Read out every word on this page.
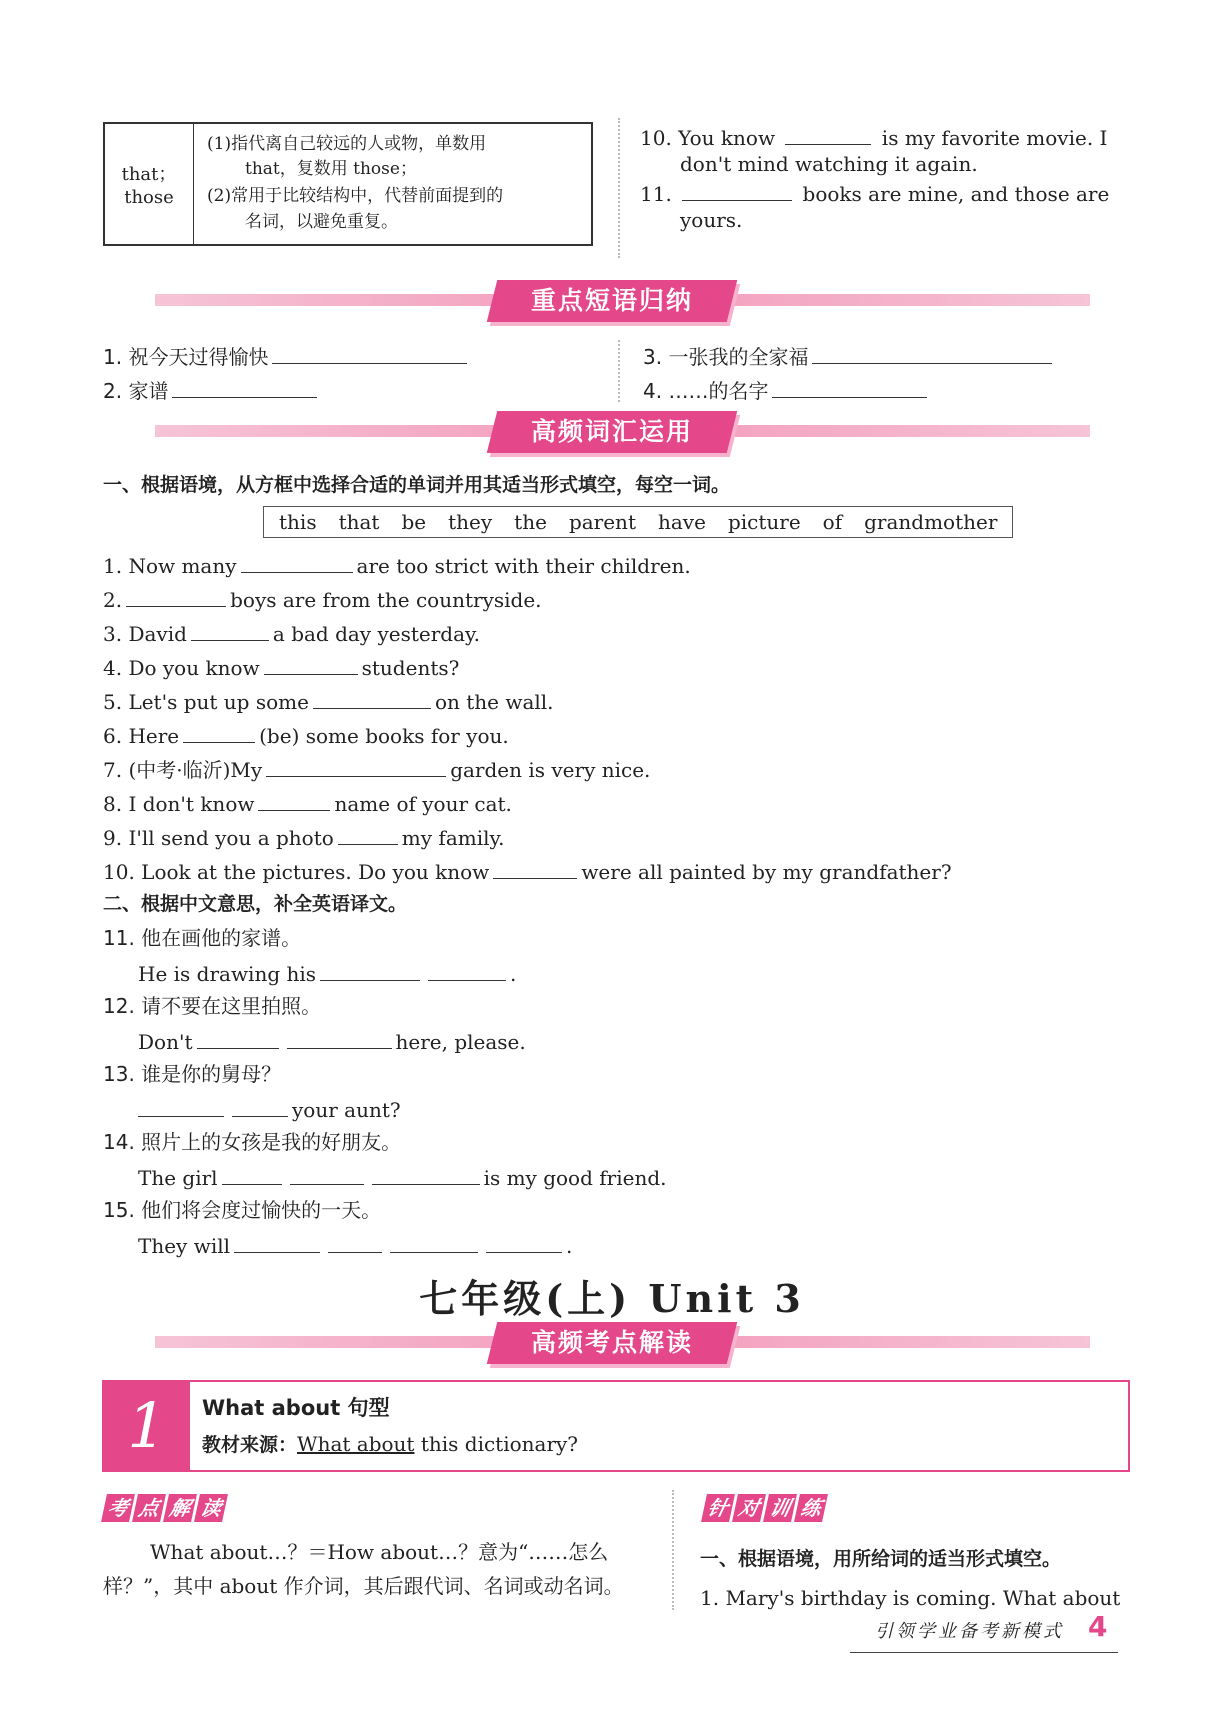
that；
those
(1)指代离自己较远的人或物，单数用
that，复数用 those；
(2)常用于比较结构中，代替前面提到的
名词，以避免重复。
10. You know	is my favorite movie. I
don't mind watching it again.
11.	books are mine, and those are
yours.
重点短语归纳
1. 祝今天过得愉快
2. 家谱
3. 一张我的全家福
4. ……的名字
高频词汇运用
一、根据语境，从方框中选择合适的单词并用其适当形式填空，每空一词。
this that be they the parent have picture of grandmother
1. Now many	are too strict with their children.
2.	boys are from the countryside.
3. David	a bad day yesterday.
4. Do you know	students?
5. Let's put up some	on the wall.
6. Here	(be) some books for you.
7. (中考·临沂)My	garden is very nice.
8. I don't know	name of your cat.
9. I'll send you a photo	my family.
10. Look at the pictures. Do you know	were all painted by my grandfather?
二、根据中文意思，补全英语译文。
11. 他在画他的家谱。
He is drawing his	.
12. 请不要在这里拍照。
Don't	here, please.
13. 谁是你的舅母？
your aunt?
14. 照片上的女孩是我的好朋友。
The girl	is my good friend.
15. 他们将会度过愉快的一天。
They will	.
七年级(上) Unit 3
高频考点解读
1	What about 句型
教材来源：What about this dictionary?
考 点 解 读	针 对 训 练
What about…？＝How about…？意为“……怎么
样？”，其中 about 作介词，其后跟代词、名词或动名词。
一、根据语境，用所给词的适当形式填空。
1. Mary's birthday is coming. What about
引领学业备考新模式 4
